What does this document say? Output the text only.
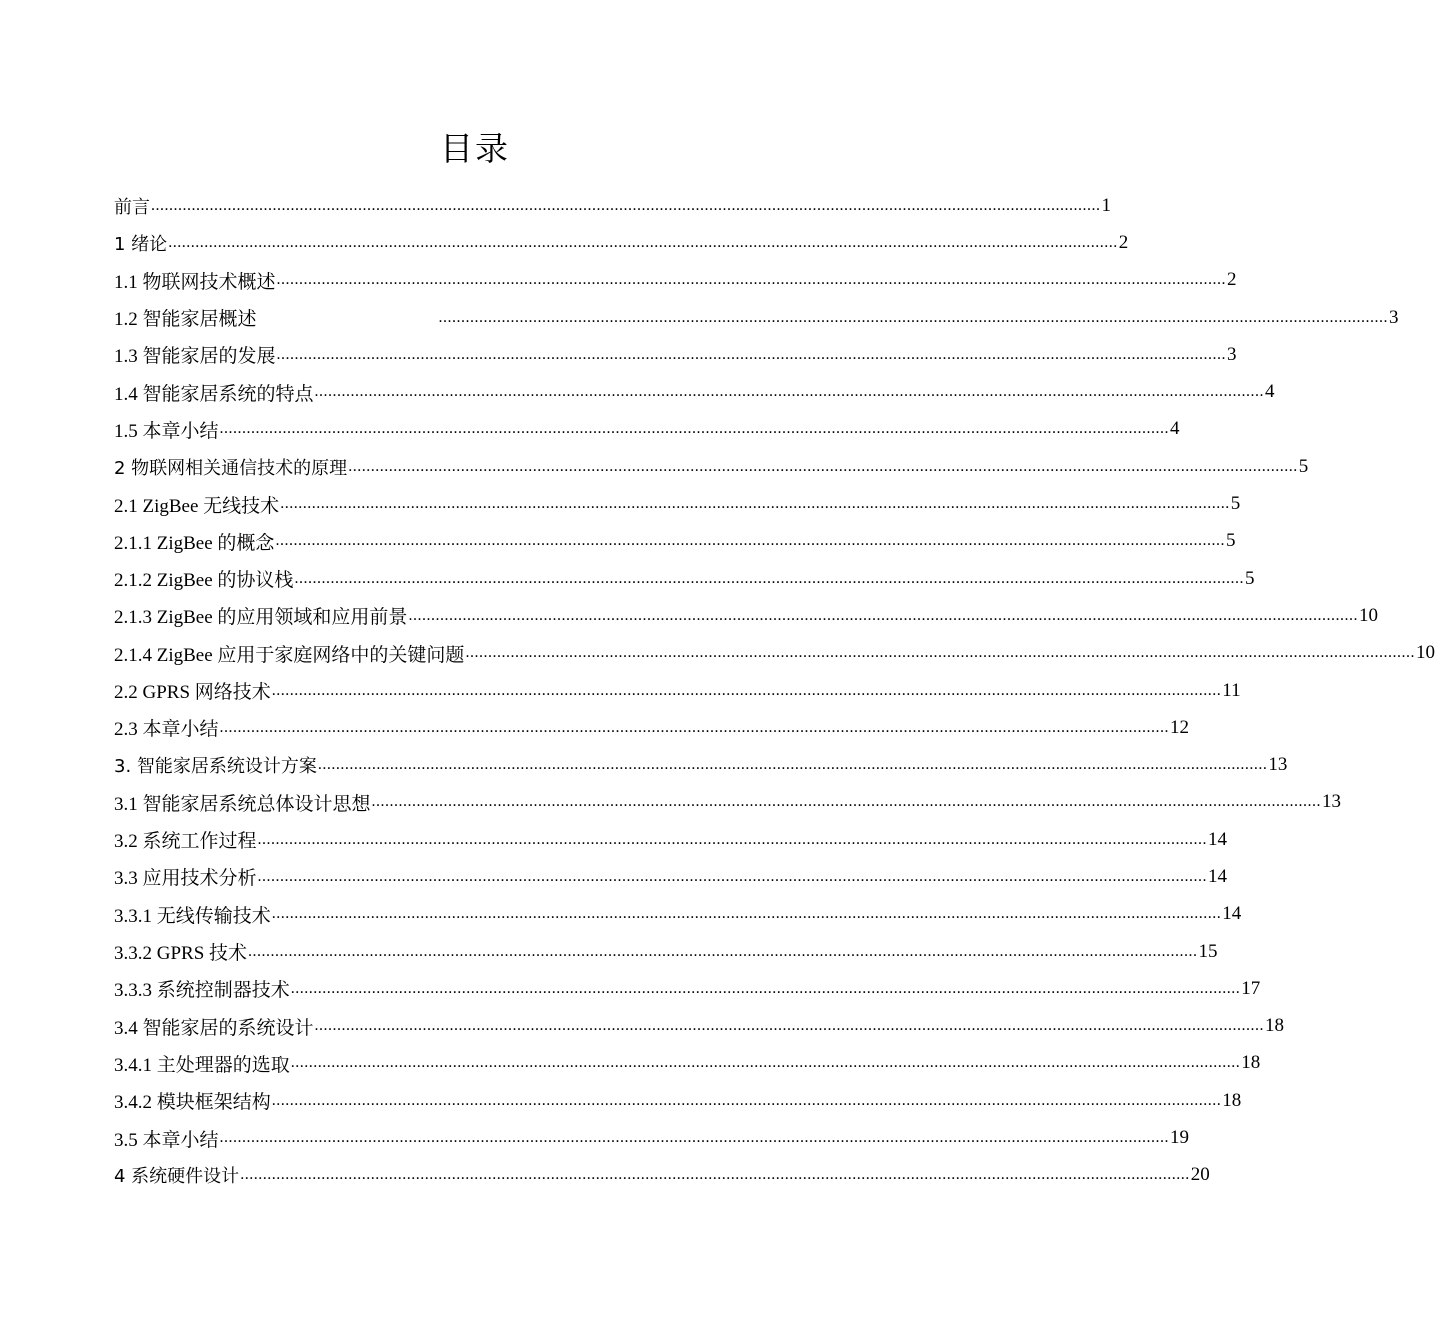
目录
前言 ................................................................................................................................................................................................................... 1
1 绪论 ................................................................................................................................................................................................................... 2
1.1 物联网技术概述 ................................................................................................................................................................................................................... 2
1.2 智能家居概述	................................................................................................................................................................................................................... 3
1.3 智能家居的发展 ................................................................................................................................................................................................................... 3
1.4 智能家居系统的特点 ................................................................................................................................................................................................................... 4
1.5 本章小结 ................................................................................................................................................................................................................... 4
2 物联网相关通信技术的原理 ................................................................................................................................................................................................................... 5
2.1 ZigBee 无线技术 ................................................................................................................................................................................................................... 5
2.1.1 ZigBee 的概念 ................................................................................................................................................................................................................... 5
2.1.2 ZigBee 的协议栈 ................................................................................................................................................................................................................... 5
2.1.3 ZigBee 的应用领域和应用前景 ................................................................................................................................................................................................................... 10
2.1.4 ZigBee 应用于家庭网络中的关键问题 ................................................................................................................................................................................................................... 10
2.2 GPRS 网络技术 ................................................................................................................................................................................................................... 11
2.3 本章小结 ................................................................................................................................................................................................................... 12
3. 智能家居系统设计方案 ................................................................................................................................................................................................................... 13
3.1 智能家居系统总体设计思想 ................................................................................................................................................................................................................... 13
3.2 系统工作过程 ................................................................................................................................................................................................................... 14
3.3 应用技术分析 ................................................................................................................................................................................................................... 14
3.3.1 无线传输技术 ................................................................................................................................................................................................................... 14
3.3.2 GPRS 技术 ................................................................................................................................................................................................................... 15
3.3.3 系统控制器技术 ................................................................................................................................................................................................................... 17
3.4 智能家居的系统设计 ................................................................................................................................................................................................................... 18
3.4.1 主处理器的选取 ................................................................................................................................................................................................................... 18
3.4.2 模块框架结构 ................................................................................................................................................................................................................... 18
3.5 本章小结 ................................................................................................................................................................................................................... 19
4 系统硬件设计 ................................................................................................................................................................................................................... 20
